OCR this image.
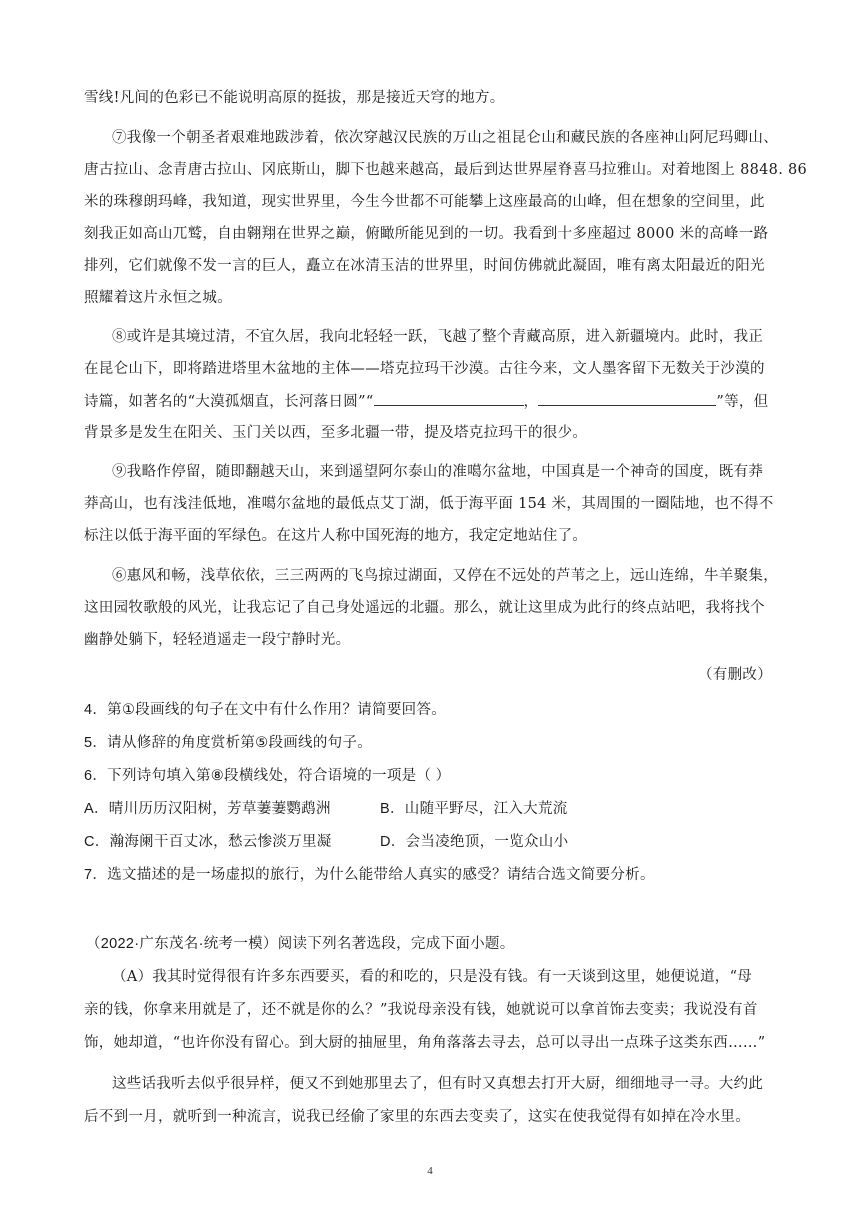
雪线!凡间的色彩已不能说明高原的挺拔，那是接近天穹的地方。
⑦我像一个朝圣者艰难地跋涉着，依次穿越汉民族的万山之祖昆仑山和藏民族的各座神山阿尼玛卿山、
唐古拉山、念青唐古拉山、冈底斯山，脚下也越来越高，最后到达世界屋脊喜马拉雅山。对着地图上 8848. 86
米的珠穆朗玛峰，我知道，现实世界里，今生今世都不可能攀上这座最高的山峰，但在想象的空间里，此
刻我正如高山兀鹫，自由翱翔在世界之巅，俯瞰所能见到的一切。我看到十多座超过 8000 米的高峰一路
排列，它们就像不发一言的巨人，矗立在冰清玉洁的世界里，时间仿佛就此凝固，唯有离太阳最近的阳光
照耀着这片永恒之城。
⑧或许是其境过清，不宜久居，我向北轻轻一跃，飞越了整个青藏高原，进入新疆境内。此时，我正
在昆仑山下，即将踏进塔里木盆地的主体——塔克拉玛干沙漠。古往今来，文人墨客留下无数关于沙漠的
诗篇，如著名的“大漠孤烟直，长河落日圆”“	，	”等，但
背景多是发生在阳关、玉门关以西，至多北疆一带，提及塔克拉玛干的很少。
⑨我略作停留，随即翻越天山，来到遥望阿尔泰山的准噶尔盆地，中国真是一个神奇的国度，既有莽
莽高山，也有浅洼低地，准噶尔盆地的最低点艾丁湖，低于海平面 154 米，其周围的一圈陆地，也不得不
标注以低于海平面的军绿色。在这片人称中国死海的地方，我定定地站住了。
⑥惠风和畅，浅草依依，三三两两的飞鸟掠过湖面，又停在不远处的芦苇之上，远山连绵，牛羊聚集，
这田园牧歌般的风光，让我忘记了自己身处遥远的北疆。那么，就让这里成为此行的终点站吧，我将找个
幽静处躺下，轻轻逍遥走一段宁静时光。
（有删改）
4．第①段画线的句子在文中有什么作用？请简要回答。
5．请从修辞的角度赏析第⑤段画线的句子。
6．下列诗句填入第⑧段横线处，符合语境的一项是（ ）
A．晴川历历汉阳树，芳草萋萋鹦鹉洲	B．山随平野尽，江入大荒流
C．瀚海阑干百丈冰，愁云惨淡万里凝	D．会当凌绝顶，一览众山小
7．选文描述的是一场虚拟的旅行，为什么能带给人真实的感受？请结合选文简要分析。
（2022·广东茂名·统考一模）阅读下列名著选段，完成下面小题。
（A）我其时觉得很有许多东西要买，看的和吃的，只是没有钱。有一天谈到这里，她便说道，“母
亲的钱，你拿来用就是了，还不就是你的么？”我说母亲没有钱，她就说可以拿首饰去变卖；我说没有首
饰，她却道，“也许你没有留心。到大厨的抽屉里，角角落落去寻去，总可以寻出一点珠子这类东西……”
这些话我听去似乎很异样，便又不到她那里去了，但有时又真想去打开大厨，细细地寻一寻。大约此
后不到一月，就听到一种流言，说我已经偷了家里的东西去变卖了，这实在使我觉得有如掉在冷水里。
4
